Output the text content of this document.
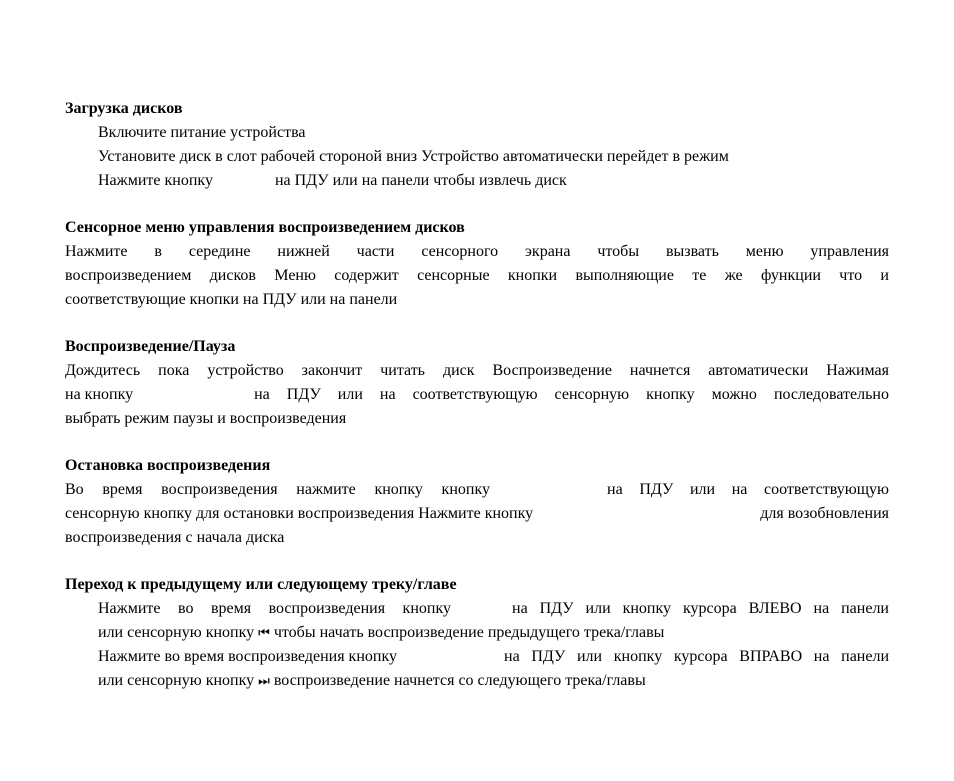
Загрузка дисков
Включите питание устройства
Установите диск в слот рабочей стороной вниз Устройство автоматически перейдет в режим
Нажмите кнопку	на ПДУ или на панели чтобы извлечь диск
Сенсорное меню управления воспроизведением дисков
Нажмите в середине нижней части сенсорного экрана чтобы вызвать меню управления
воспроизведением дисков Меню содержит сенсорные кнопки выполняющие те же функции что и
соответствующие кнопки на ПДУ или на панели
Воспроизведение/Пауза
Дождитесь пока устройство закончит читать диск Воспроизведение начнется автоматически Нажимая
на кнопку	на ПДУ или на соответствующую сенсорную кнопку можно последовательно
выбрать режим паузы и воспроизведения
Остановка воспроизведения
Во время воспроизведения нажмите кнопку кнопку	на ПДУ или на соответствующую
сенсорную кнопку для остановки воспроизведения Нажмите кнопку	для возобновления
воспроизведения с начала диска
Переход к предыдущему или следующему треку/главе
Нажмите во время воспроизведения кнопку	на ПДУ или кнопку курсора ВЛЕВО на панели
или сенсорную кнопку ⏮ чтобы начать воспроизведение предыдущего трека/главы
Нажмите во время воспроизведения кнопку	на ПДУ или кнопку курсора ВПРАВО на панели
или сенсорную кнопку ⏭ воспроизведение начнется со следующего трека/главы
